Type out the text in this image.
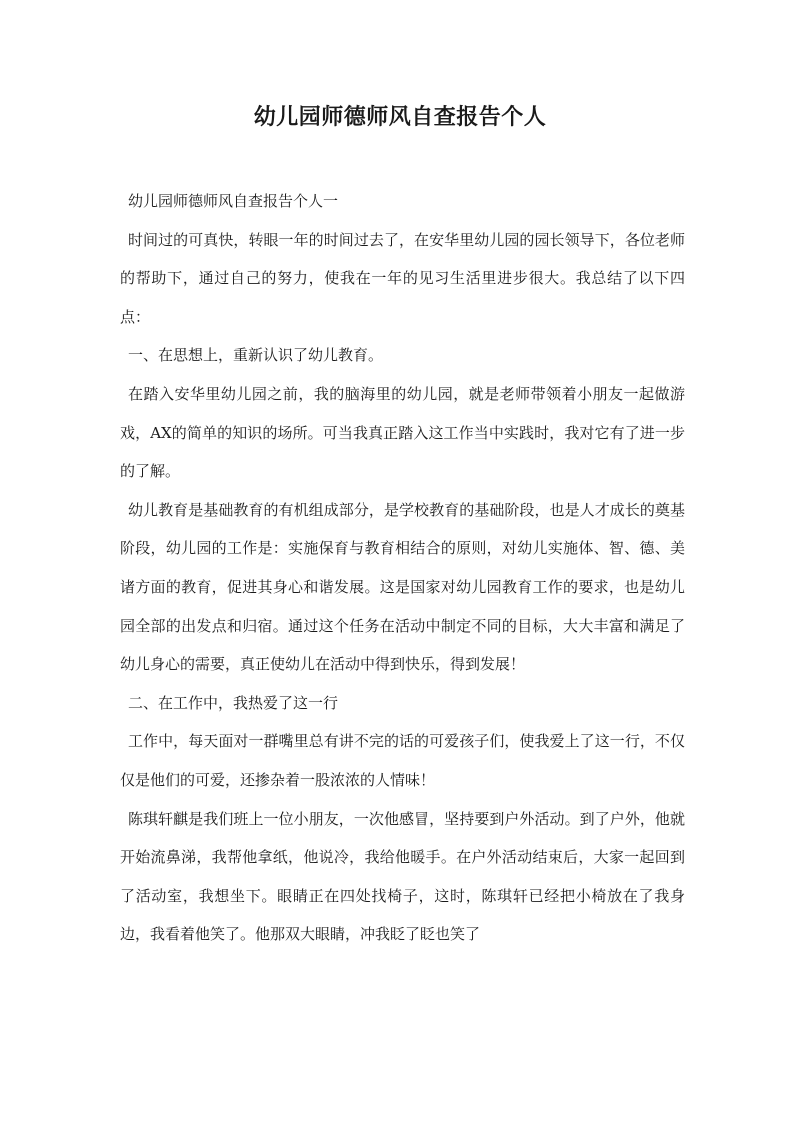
幼儿园师德师风自查报告个人

幼儿园师德师风自查报告个人一

时间过的可真快，转眼一年的时间过去了，在安华里幼儿园的园长领导下，各位老师的帮助下，通过自己的努力，使我在一年的见习生活里进步很大。我总结了以下四点：

一、在思想上，重新认识了幼儿教育。

在踏入安华里幼儿园之前，我的脑海里的幼儿园，就是老师带领着小朋友一起做游戏，AX的简单的知识的场所。可当我真正踏入这工作当中实践时，我对它有了进一步的了解。

幼儿教育是基础教育的有机组成部分，是学校教育的基础阶段，也是人才成长的奠基阶段，幼儿园的工作是：实施保育与教育相结合的原则，对幼儿实施体、智、德、美诸方面的教育，促进其身心和谐发展。这是国家对幼儿园教育工作的要求，也是幼儿园全部的出发点和归宿。通过这个任务在活动中制定不同的目标，大大丰富和满足了幼儿身心的需要，真正使幼儿在活动中得到快乐，得到发展！

二、在工作中，我热爱了这一行

工作中，每天面对一群嘴里总有讲不完的话的可爱孩子们，使我爱上了这一行，不仅仅是他们的可爱，还掺杂着一股浓浓的人情味！

陈琪轩麒是我们班上一位小朋友，一次他感冒，坚持要到户外活动。到了户外，他就开始流鼻涕，我帮他拿纸，他说冷，我给他暖手。在户外活动结束后，大家一起回到了活动室，我想坐下。眼睛正在四处找椅子，这时，陈琪轩已经把小椅放在了我身边，我看着他笑了。他那双大眼睛，冲我眨了眨也笑了
